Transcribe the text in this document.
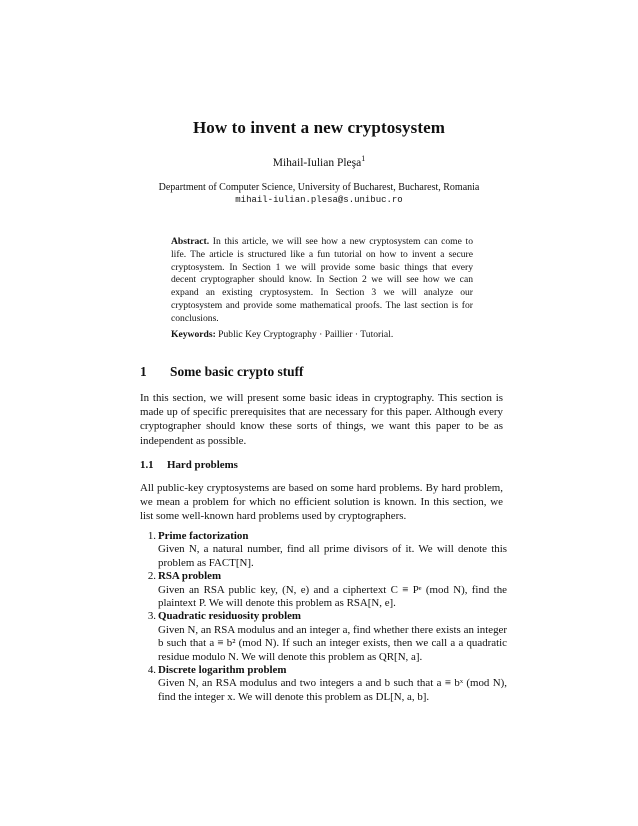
How to invent a new cryptosystem
Mihail-Iulian Pleşa$^1$
Department of Computer Science, University of Bucharest, Bucharest, Romania
mihail-iulian.plesa@s.unibuc.ro
Abstract. In this article, we will see how a new cryptosystem can come to life. The article is structured like a fun tutorial on how to invent a secure cryptosystem. In Section 1 we will provide some basic things that every decent cryptographer should know. In Section 2 we will see how we can expand an existing cryptosystem. In Section 3 we will analyze our cryptosystem and provide some mathematical proofs. The last section is for conclusions.
Keywords: Public Key Cryptography · Paillier · Tutorial.
1 Some basic crypto stuff
In this section, we will present some basic ideas in cryptography. This section is made up of specific prerequisites that are necessary for this paper. Although every cryptographer should know these sorts of things, we want this paper to be as independent as possible.
1.1 Hard problems
All public-key cryptosystems are based on some hard problems. By hard problem, we mean a problem for which no efficient solution is known. In this section, we list some well-known hard problems used by cryptographers.
1. Prime factorization
Given N, a natural number, find all prime divisors of it. We will denote this problem as FACT[N].
2. RSA problem
Given an RSA public key, (N, e) and a ciphertext C ≡ Pᵉ (mod N), find the plaintext P. We will denote this problem as RSA[N, e].
3. Quadratic residuosity problem
Given N, an RSA modulus and an integer a, find whether there exists an integer b such that a ≡ b² (mod N). If such an integer exists, then we call a a quadratic residue modulo N. We will denote this problem as QR[N, a].
4. Discrete logarithm problem
Given N, an RSA modulus and two integers a and b such that a ≡ bˣ (mod N), find the integer x. We will denote this problem as DL[N, a, b].
